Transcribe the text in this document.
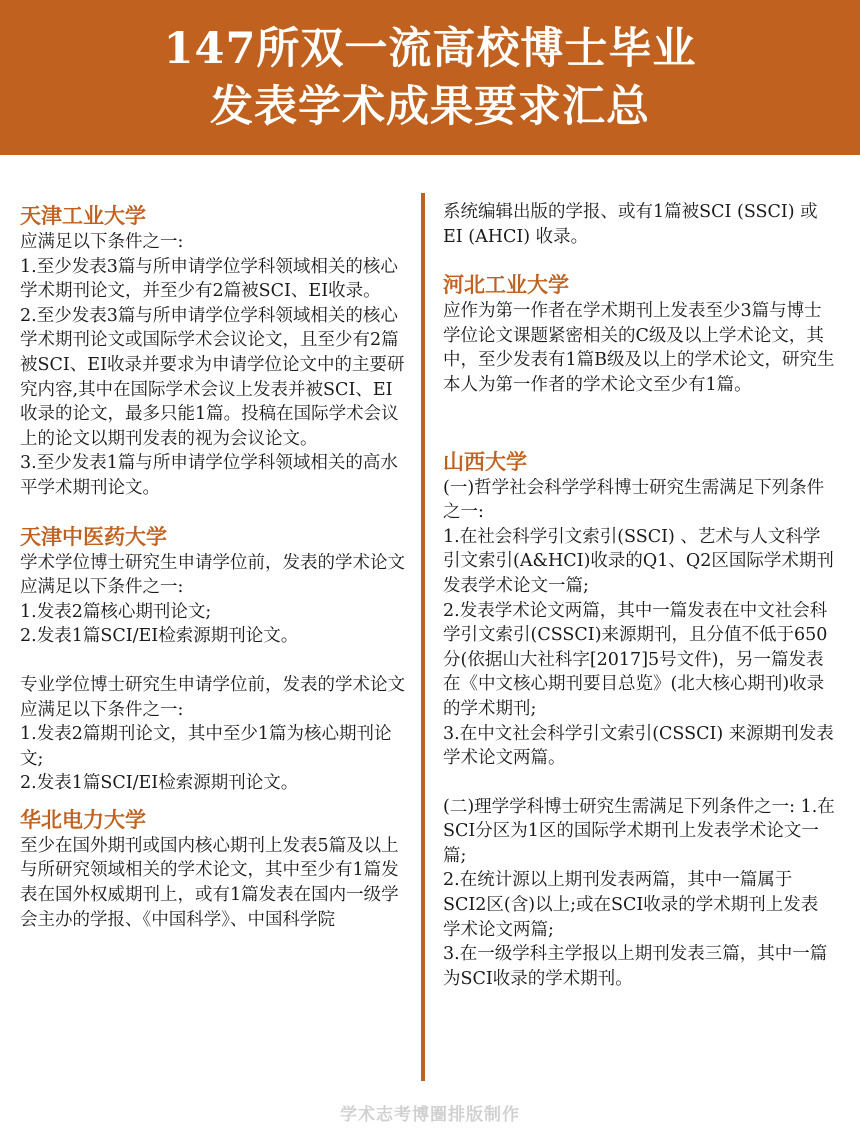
147所双一流高校博士毕业
发表学术成果要求汇总
天津工业大学
应满足以下条件之一:
1.至少发表3篇与所申请学位学科领域相关的核心学术期刊论文，并至少有2篇被SCI、EI收录。
2.至少发表3篇与所申请学位学科领域相关的核心学术期刊论文或国际学术会议论文，且至少有2篇被SCI、EI收录并要求为申请学位论文中的主要研究内容,其中在国际学术会议上发表并被SCI、EI收录的论文，最多只能1篇。投稿在国际学术会议上的论文以期刊发表的视为会议论文。
3.至少发表1篇与所申请学位学科领域相关的高水平学术期刊论文。
天津中医药大学
学术学位博士研究生申请学位前，发表的学术论文应满足以下条件之一:
1.发表2篇核心期刊论文;
2.发表1篇SCI/EI检索源期刊论文。
专业学位博士研究生申请学位前，发表的学术论文应满足以下条件之一:
1.发表2篇期刊论文，其中至少1篇为核心期刊论文;
2.发表1篇SCI/EI检索源期刊论文。
华北电力大学
至少在国外期刊或国内核心期刊上发表5篇及以上与所研究领域相关的学术论文，其中至少有1篇发表在国外权威期刊上，或有1篇发表在国内一级学会主办的学报、《中国科学》、中国科学院
系统编辑出版的学报、或有1篇被SCI (SSCI) 或EI (AHCI) 收录。
河北工业大学
应作为第一作者在学术期刊上发表至少3篇与博士学位论文课题紧密相关的C级及以上学术论文，其中，至少发表有1篇B级及以上的学术论文，研究生本人为第一作者的学术论文至少有1篇。
山西大学
(一)哲学社会科学学科博士研究生需满足下列条件之一:
1.在社会科学引文索引(SSCI) 、艺术与人文科学引文索引(A&HCI)收录的Q1、Q2区国际学术期刊发表学术论文一篇;
2.发表学术论文两篇，其中一篇发表在中文社会科学引文索引(CSSCI)来源期刊，且分值不低于650分(依据山大社科字[2017]5号文件)，另一篇发表在《中文核心期刊要目总览》(北大核心期刊)收录的学术期刊;
3.在中文社会科学引文索引(CSSCI) 来源期刊发表学术论文两篇。
(二)理学学科博士研究生需满足下列条件之一: 1.在SCI分区为1区的国际学术期刊上发表学术论文一篇;
2.在统计源以上期刊发表两篇，其中一篇属于SCI2区(含)以上;或在SCI收录的学术期刊上发表学术论文两篇;
3.在一级学科主学报以上期刊发表三篇，其中一篇为SCI收录的学术期刊。
学术志考博圈排版制作
